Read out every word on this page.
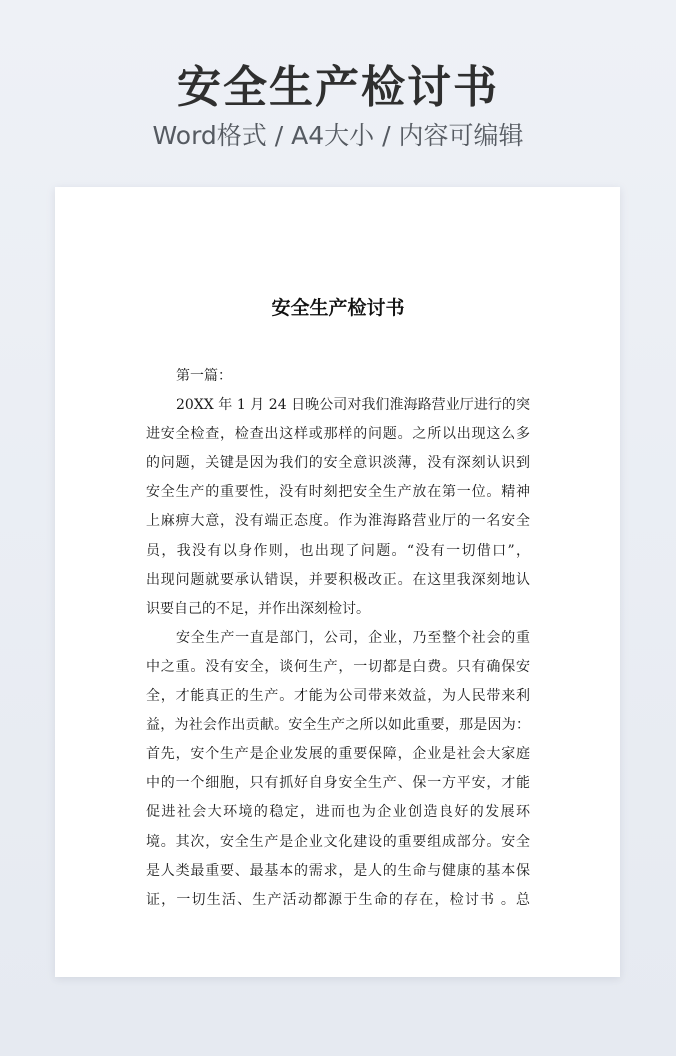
安全生产检讨书
Word格式 / A4大小 / 内容可编辑
安全生产检讨书
第一篇：
20XX 年 1 月 24 日晚公司对我们淮海路营业厅进行的突
进安全检查，检查出这样或那样的问题。之所以出现这么多
的问题，关键是因为我们的安全意识淡薄，没有深刻认识到
安全生产的重要性，没有时刻把安全生产放在第一位。精神
上麻痹大意，没有端正态度。作为淮海路营业厅的一名安全
员，我没有以身作则，也出现了问题。“没有一切借口”，
出现问题就要承认错误，并要积极改正。在这里我深刻地认
识要自己的不足，并作出深刻检讨。
安全生产一直是部门，公司，企业，乃至整个社会的重
中之重。没有安全，谈何生产，一切都是白费。只有确保安
全，才能真正的生产。才能为公司带来效益，为人民带来利
益，为社会作出贡献。安全生产之所以如此重要，那是因为：
首先，安个生产是企业发展的重要保障，企业是社会大家庭
中的一个细胞，只有抓好自身安全生产、保一方平安，才能
促进社会大环境的稳定，进而也为企业创造良好的发展环
境。其次，安全生产是企业文化建设的重要组成部分。安全
是人类最重要、最基本的需求，是人的生命与健康的基本保
证，一切生活、生产活动都源于生命的存在，检讨书 。总
